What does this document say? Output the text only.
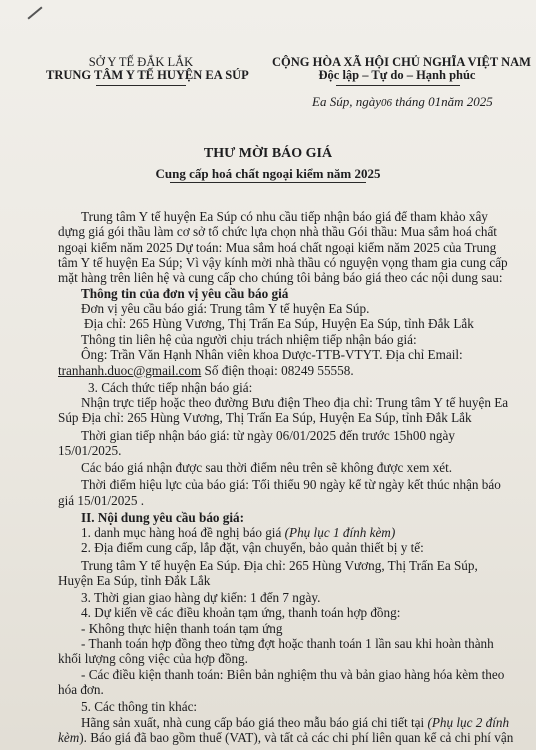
SỞ Y TẾ ĐẮK LẮK
TRUNG TÂM Y TẾ HUYỆN EA SÚP
CỘNG HÒA XÃ HỘI CHỦ NGHĨA VIỆT NAM
Độc lập – Tự do – Hạnh phúc
Ea Súp, ngày06 tháng 01năm 2025
THƯ MỜI BÁO GIÁ
Cung cấp hoá chất ngoại kiểm năm 2025
Trung tâm Y tế huyện Ea Súp có nhu cầu tiếp nhận báo giá để tham khảo xây
dựng giá gói thầu làm cơ sở tổ chức lựa chọn nhà thầu Gói thầu: Mua sắm hoá chất
ngoại kiểm năm 2025 Dự toán: Mua sắm hoá chất ngoại kiểm năm 2025 của Trung
tâm Y tế huyện Ea Súp; Vì vậy kính mời nhà thầu có nguyện vọng tham gia cung cấp
mặt hàng trên liên hệ và cung cấp cho chúng tôi bảng báo giá theo các nội dung sau:
Thông tin của đơn vị yêu cầu báo giá
Đơn vị yêu cầu báo giá: Trung tâm Y tế huyện Ea Súp.
Địa chỉ: 265 Hùng Vương, Thị Trấn Ea Súp, Huyện Ea Súp, tỉnh Đắk Lắk
Thông tin liên hệ của người chịu trách nhiệm tiếp nhận báo giá:
Ông: Trần Văn Hạnh Nhân viên khoa Dược-TTB-VTYT. Địa chỉ Email:
tranhanh.duoc@gmail.com Số điện thoại: 08249 55558.
3. Cách thức tiếp nhận báo giá:
Nhận trực tiếp hoặc theo đường Bưu điện Theo địa chỉ: Trung tâm Y tế huyện Ea
Súp Địa chỉ: 265 Hùng Vương, Thị Trấn Ea Súp, Huyện Ea Súp, tỉnh Đắk Lắk
Thời gian tiếp nhận báo giá: từ ngày 06/01/2025 đến trước 15h00 ngày
15/01/2025.
Các báo giá nhận được sau thời điểm nêu trên sẽ không được xem xét.
Thời điểm hiệu lực của báo giá: Tối thiểu 90 ngày kể từ ngày kết thúc nhận báo
giá 15/01/2025 .
II. Nội dung yêu cầu báo giá:
1. danh mục hàng hoá đề nghị báo giá (Phụ lục 1 đính kèm)
2. Địa điểm cung cấp, lắp đặt, vận chuyển, bảo quản thiết bị y tế:
Trung tâm Y tế huyện Ea Súp. Địa chỉ: 265 Hùng Vương, Thị Trấn Ea Súp,
Huyện Ea Súp, tỉnh Đắk Lắk
3. Thời gian giao hàng dự kiến: 1 đến 7 ngày.
4. Dự kiến về các điều khoản tạm ứng, thanh toán hợp đồng:
- Không thực hiện thanh toán tạm ứng
- Thanh toán hợp đồng theo từng đợt hoặc thanh toán 1 lần sau khi hoàn thành
khối lượng công việc của hợp đồng.
- Các điều kiện thanh toán: Biên bản nghiệm thu và bản giao hàng hóa kèm theo
hóa đơn.
5. Các thông tin khác:
Hãng sản xuất, nhà cung cấp báo giá theo mẫu báo giá chi tiết tại (Phụ lục 2 đính
kèm). Báo giá đã bao gồm thuế (VAT), và tất cả các chi phí liên quan kể cả chi phí vận
